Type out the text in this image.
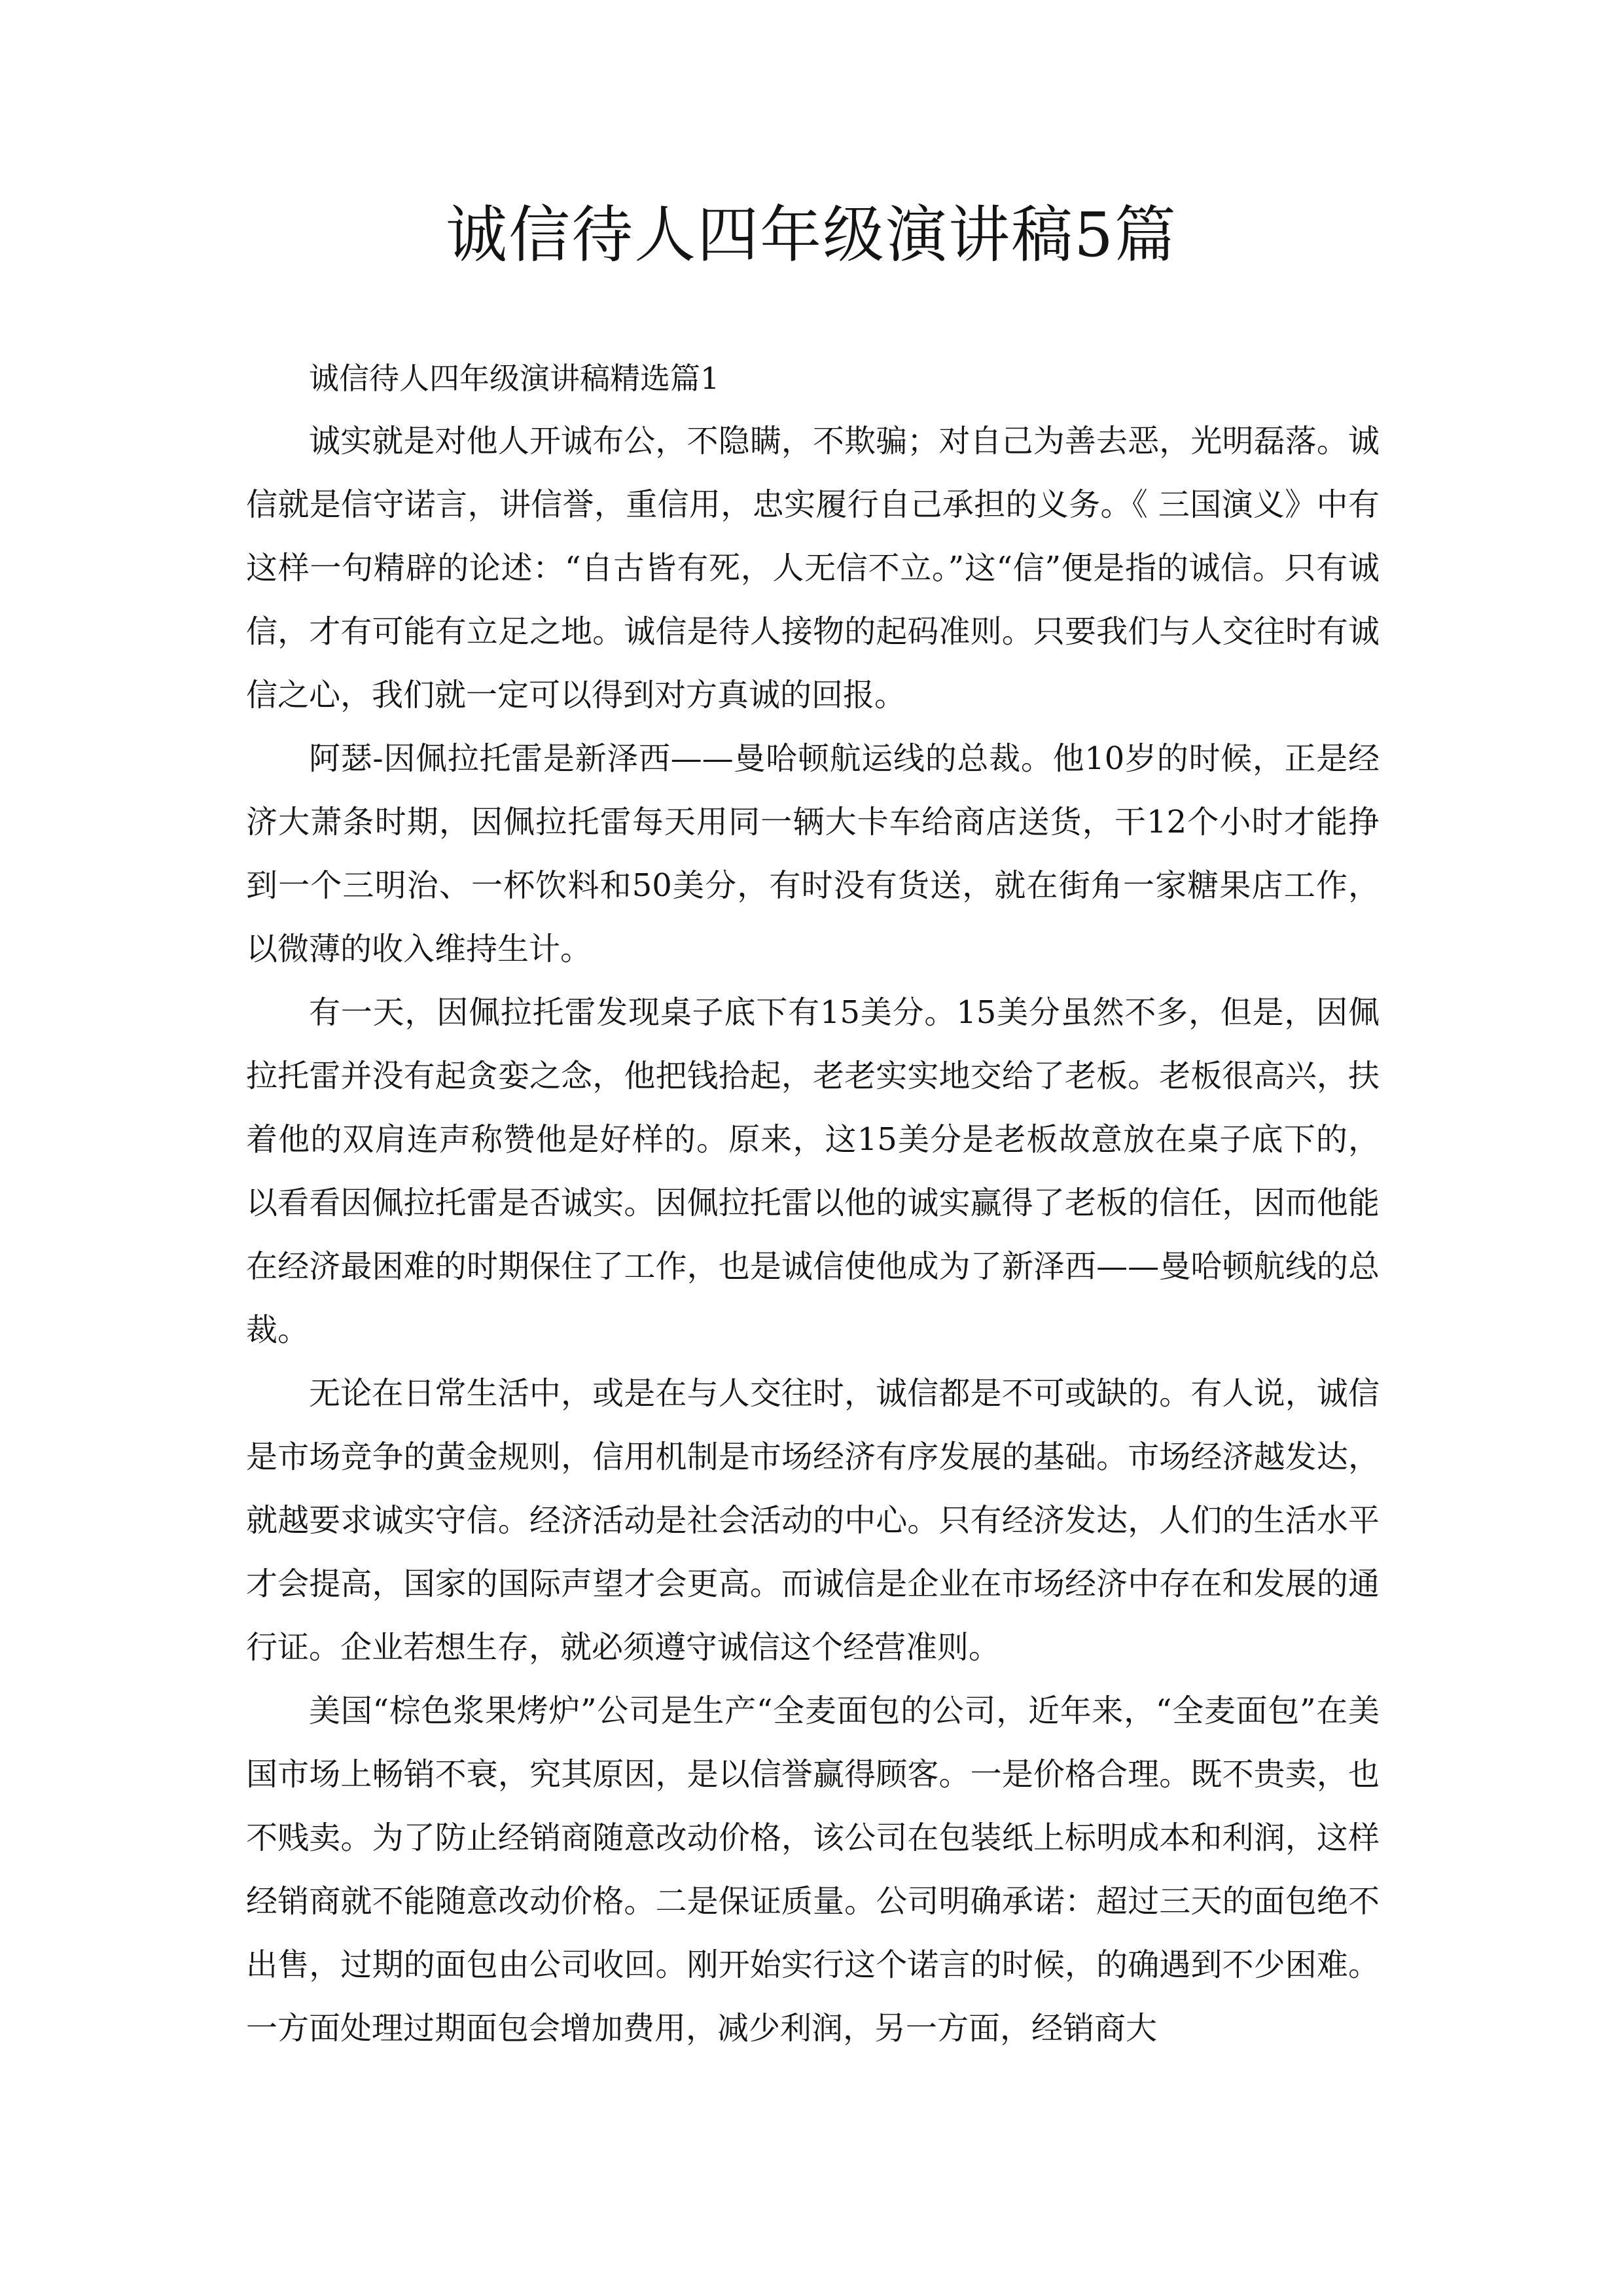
诚信待人四年级演讲稿5篇

诚信待人四年级演讲稿精选篇1

诚实就是对他人开诚布公，不隐瞒，不欺骗；对自己为善去恶，光明磊落。诚信就是信守诺言，讲信誉，重信用，忠实履行自己承担的义务。《 三国演义》中有这样一句精辟的论述：“自古皆有死，人无信不立。”这“信”便是指的诚信。只有诚信，才有可能有立足之地。诚信是待人接物的起码准则。只要我们与人交往时有诚信之心，我们就一定可以得到对方真诚的回报。

阿瑟-因佩拉托雷是新泽西——曼哈顿航运线的总裁。他10岁的时候，正是经济大萧条时期，因佩拉托雷每天用同一辆大卡车给商店送货，干12个小时才能挣到一个三明治、一杯饮料和50美分，有时没有货送，就在街角一家糖果店工作，以微薄的收入维持生计。

有一天，因佩拉托雷发现桌子底下有15美分。15美分虽然不多，但是，因佩拉托雷并没有起贪娈之念，他把钱拾起，老老实实地交给了老板。老板很高兴，扶着他的双肩连声称赞他是好样的。原来，这15美分是老板故意放在桌子底下的，以看看因佩拉托雷是否诚实。因佩拉托雷以他的诚实赢得了老板的信任，因而他能在经济最困难的时期保住了工作，也是诚信使他成为了新泽西——曼哈顿航线的总裁。

无论在日常生活中，或是在与人交往时，诚信都是不可或缺的。有人说，诚信是市场竞争的黄金规则，信用机制是市场经济有序发展的基础。市场经济越发达，就越要求诚实守信。经济活动是社会活动的中心。只有经济发达，人们的生活水平才会提高，国家的国际声望才会更高。而诚信是企业在市场经济中存在和发展的通行证。企业若想生存，就必须遵守诚信这个经营准则。

美国“棕色浆果烤炉”公司是生产“全麦面包的公司，近年来，“全麦面包”在美国市场上畅销不衰，究其原因，是以信誉赢得顾客。一是价格合理。既不贵卖，也不贱卖。为了防止经销商随意改动价格，该公司在包装纸上标明成本和利润，这样经销商就不能随意改动价格。二是保证质量。公司明确承诺：超过三天的面包绝不出售，过期的面包由公司收回。刚开始实行这个诺言的时候，的确遇到不少困难。一方面处理过期面包会增加费用，减少利润，另一方面，经销商大
